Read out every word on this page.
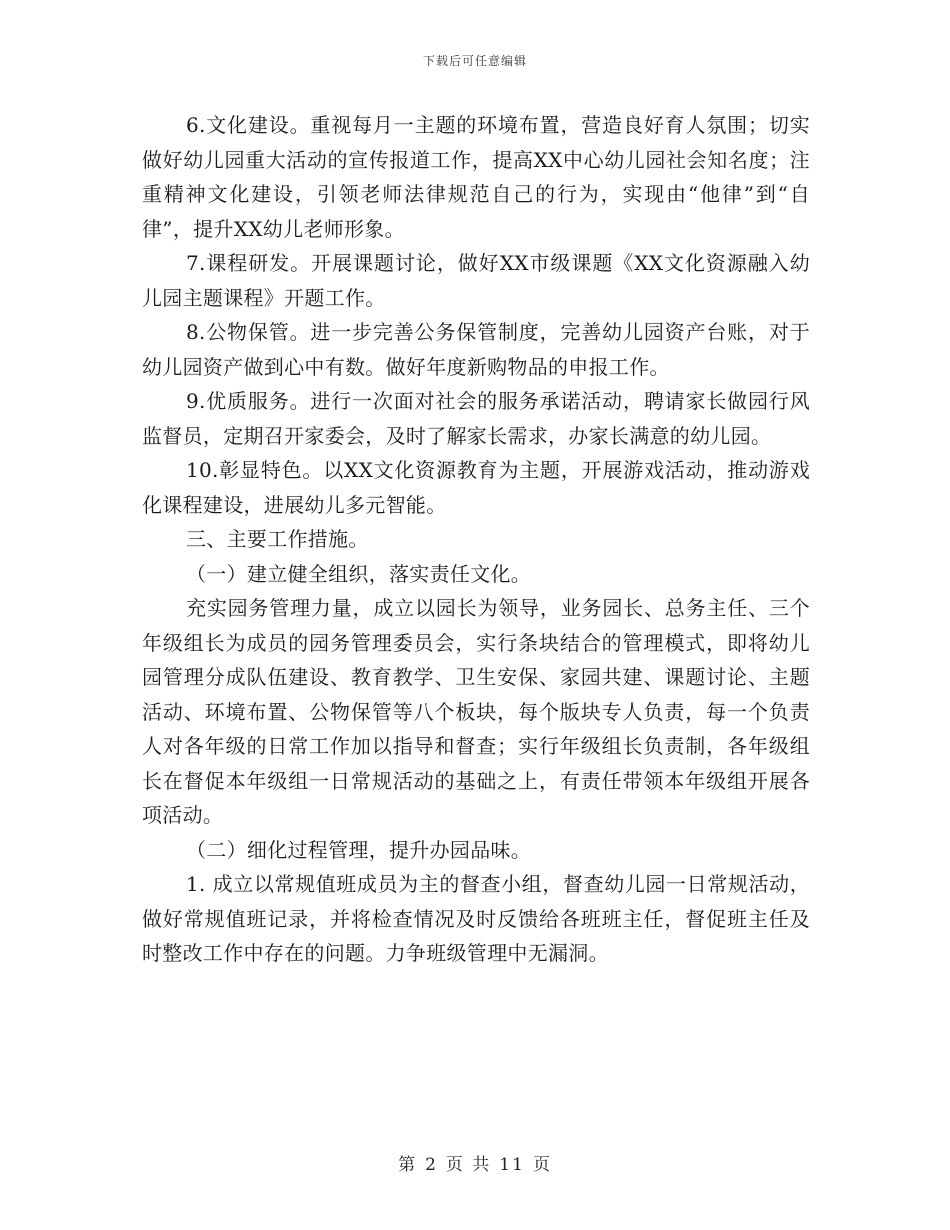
下载后可任意编辑

6.文化建设。重视每月一主题的环境布置，营造良好育人氛围；切实做好幼儿园重大活动的宣传报道工作，提高XX中心幼儿园社会知名度；注重精神文化建设，引领老师法律规范自己的行为，实现由“他律”到“自律”，提升XX幼儿老师形象。

7.课程研发。开展课题讨论，做好XX市级课题《XX文化资源融入幼儿园主题课程》开题工作。

8.公物保管。进一步完善公务保管制度，完善幼儿园资产台账，对于幼儿园资产做到心中有数。做好年度新购物品的申报工作。

9.优质服务。进行一次面对社会的服务承诺活动，聘请家长做园行风监督员，定期召开家委会，及时了解家长需求，办家长满意的幼儿园。

10.彰显特色。以XX文化资源教育为主题，开展游戏活动，推动游戏化课程建设，进展幼儿多元智能。

三、主要工作措施。

（一）建立健全组织，落实责任文化。

充实园务管理力量，成立以园长为领导，业务园长、总务主任、三个年级组长为成员的园务管理委员会，实行条块结合的管理模式，即将幼儿园管理分成队伍建设、教育教学、卫生安保、家园共建、课题讨论、主题活动、环境布置、公物保管等八个板块，每个版块专人负责，每一个负责人对各年级的日常工作加以指导和督查；实行年级组长负责制，各年级组长在督促本年级组一日常规活动的基础之上，有责任带领本年级组开展各项活动。

（二）细化过程管理，提升办园品味。

1. 成立以常规值班成员为主的督查小组，督查幼儿园一日常规活动，做好常规值班记录，并将检查情况及时反馈给各班班主任，督促班主任及时整改工作中存在的问题。力争班级管理中无漏洞。

第 2 页 共 11 页
